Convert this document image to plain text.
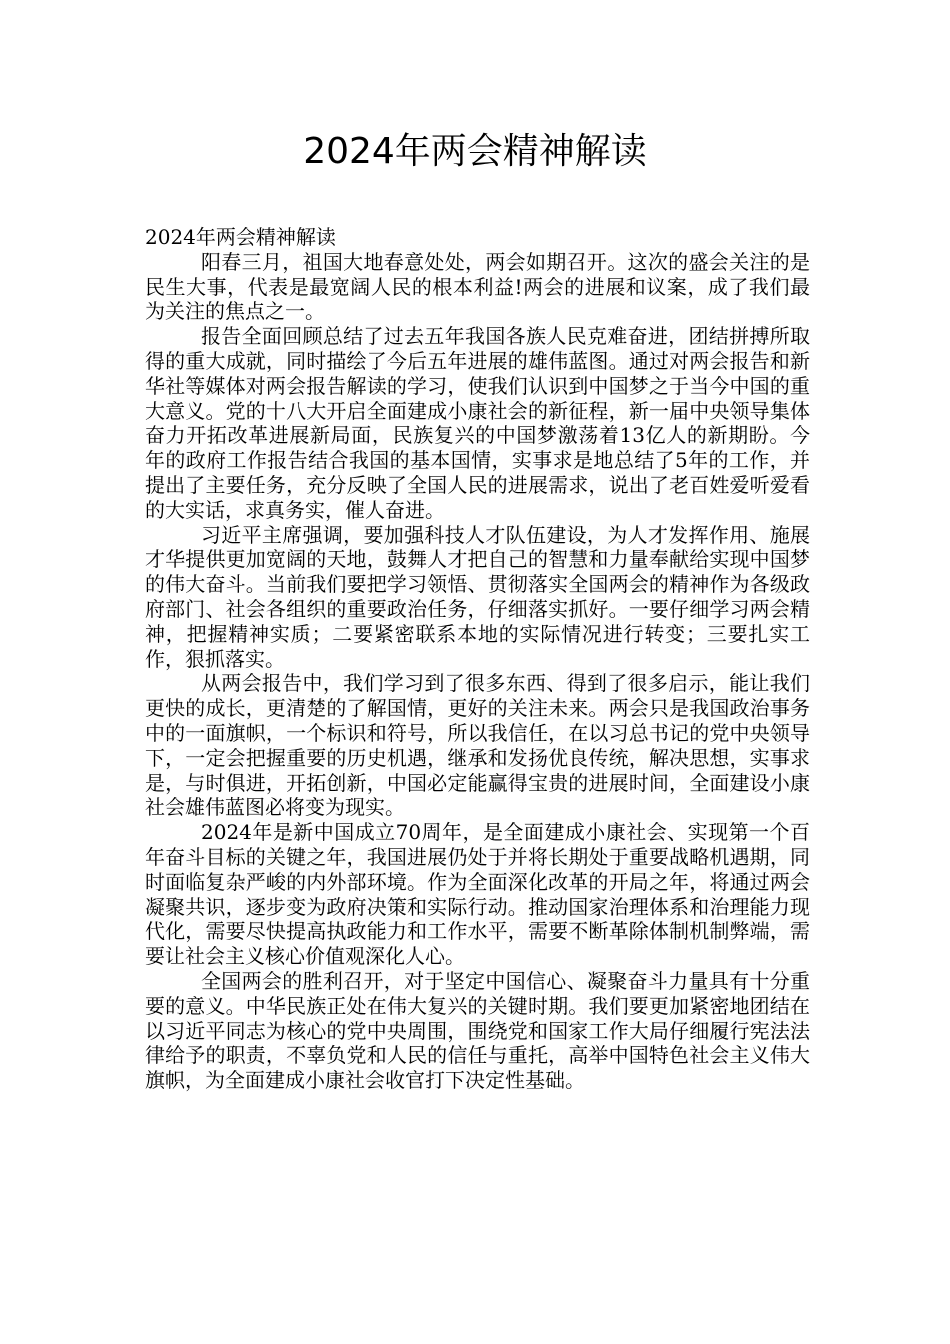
2024年两会精神解读

2024年两会精神解读

阳春三月，祖国大地春意处处，两会如期召开。这次的盛会关注的是民生大事，代表是最宽阔人民的根本利益!两会的进展和议案，成了我们最为关注的焦点之一。

报告全面回顾总结了过去五年我国各族人民克难奋进，团结拼搏所取得的重大成就，同时描绘了今后五年进展的雄伟蓝图。通过对两会报告和新华社等媒体对两会报告解读的学习，使我们认识到中国梦之于当今中国的重大意义。党的十八大开启全面建成小康社会的新征程，新一届中央领导集体奋力开拓改革进展新局面，民族复兴的中国梦激荡着13亿人的新期盼。今年的政府工作报告结合我国的基本国情，实事求是地总结了5年的工作，并提出了主要任务，充分反映了全国人民的进展需求，说出了老百姓爱听爱看的大实话，求真务实，催人奋进。

习近平主席强调，要加强科技人才队伍建设，为人才发挥作用、施展才华提供更加宽阔的天地，鼓舞人才把自己的智慧和力量奉献给实现中国梦的伟大奋斗。当前我们要把学习领悟、贯彻落实全国两会的精神作为各级政府部门、社会各组织的重要政治任务，仔细落实抓好。一要仔细学习两会精神，把握精神实质；二要紧密联系本地的实际情况进行转变；三要扎实工作，狠抓落实。

从两会报告中，我们学习到了很多东西、得到了很多启示，能让我们更快的成长，更清楚的了解国情，更好的关注未来。两会只是我国政治事务中的一面旗帜，一个标识和符号，所以我信任，在以习总书记的党中央领导下，一定会把握重要的历史机遇，继承和发扬优良传统，解决思想，实事求是，与时俱进，开拓创新，中国必定能赢得宝贵的进展时间，全面建设小康社会雄伟蓝图必将变为现实。

2024年是新中国成立70周年，是全面建成小康社会、实现第一个百年奋斗目标的关键之年，我国进展仍处于并将长期处于重要战略机遇期，同时面临复杂严峻的内外部环境。作为全面深化改革的开局之年，将通过两会凝聚共识，逐步变为政府决策和实际行动。推动国家治理体系和治理能力现代化，需要尽快提高执政能力和工作水平，需要不断革除体制机制弊端，需要让社会主义核心价值观深化人心。

全国两会的胜利召开，对于坚定中国信心、凝聚奋斗力量具有十分重要的意义。中华民族正处在伟大复兴的关键时期。我们要更加紧密地团结在以习近平同志为核心的党中央周围，围绕党和国家工作大局仔细履行宪法法律给予的职责，不辜负党和人民的信任与重托，高举中国特色社会主义伟大旗帜，为全面建成小康社会收官打下决定性基础。
